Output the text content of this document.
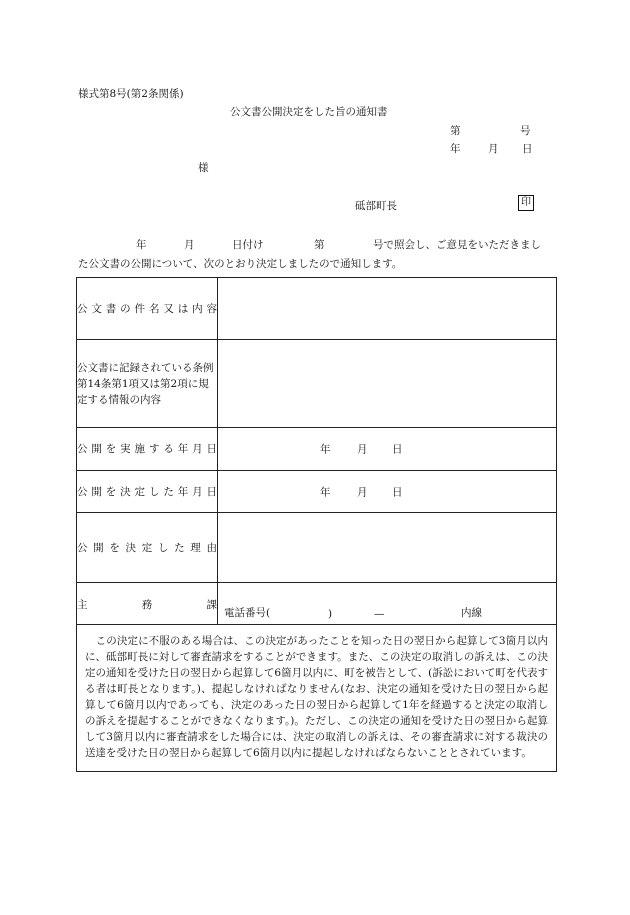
様式第8号(第2条関係)
公文書公開決定をした旨の通知書
第	号
年	月 日
様
砥部町長	印
年	月	日付け	第	号で照会し、ご意見をいただきまし
た公文書の公開について、次のとおり決定しましたので通知します。
公文書の件名又は内容	
公文書に記録されている条例第14条第1項又は第2項に規定する情報の内容	
公開を実施する年月日	年 月 日

公開を決定した年月日	年 月 日

公開を決定した理由	
主務課	電話番号( ) — 内線

この決定に不服のある場合は、この決定があったことを知った日の翌日から起算して3箇月以内に、砥部町長に対して審査請求をすることができます。また、この決定の取消しの訴えは、この決定の通知を受けた日の翌日から起算して6箇月以内に、町を被告として、(訴訟において町を代表する者は町長となります。)、提起しなければなりません(なお、決定の通知を受けた日の翌日から起算して6箇月以内であっても、決定のあった日の翌日から起算して1年を経過すると決定の取消しの訴えを提起することができなくなります。)。ただし、この決定の通知を受けた日の翌日から起算して3箇月以内に審査請求をした場合には、決定の取消しの訴えは、その審査請求に対する裁決の送達を受けた日の翌日から起算して6箇月以内に提起しなければならないこととされています。	
